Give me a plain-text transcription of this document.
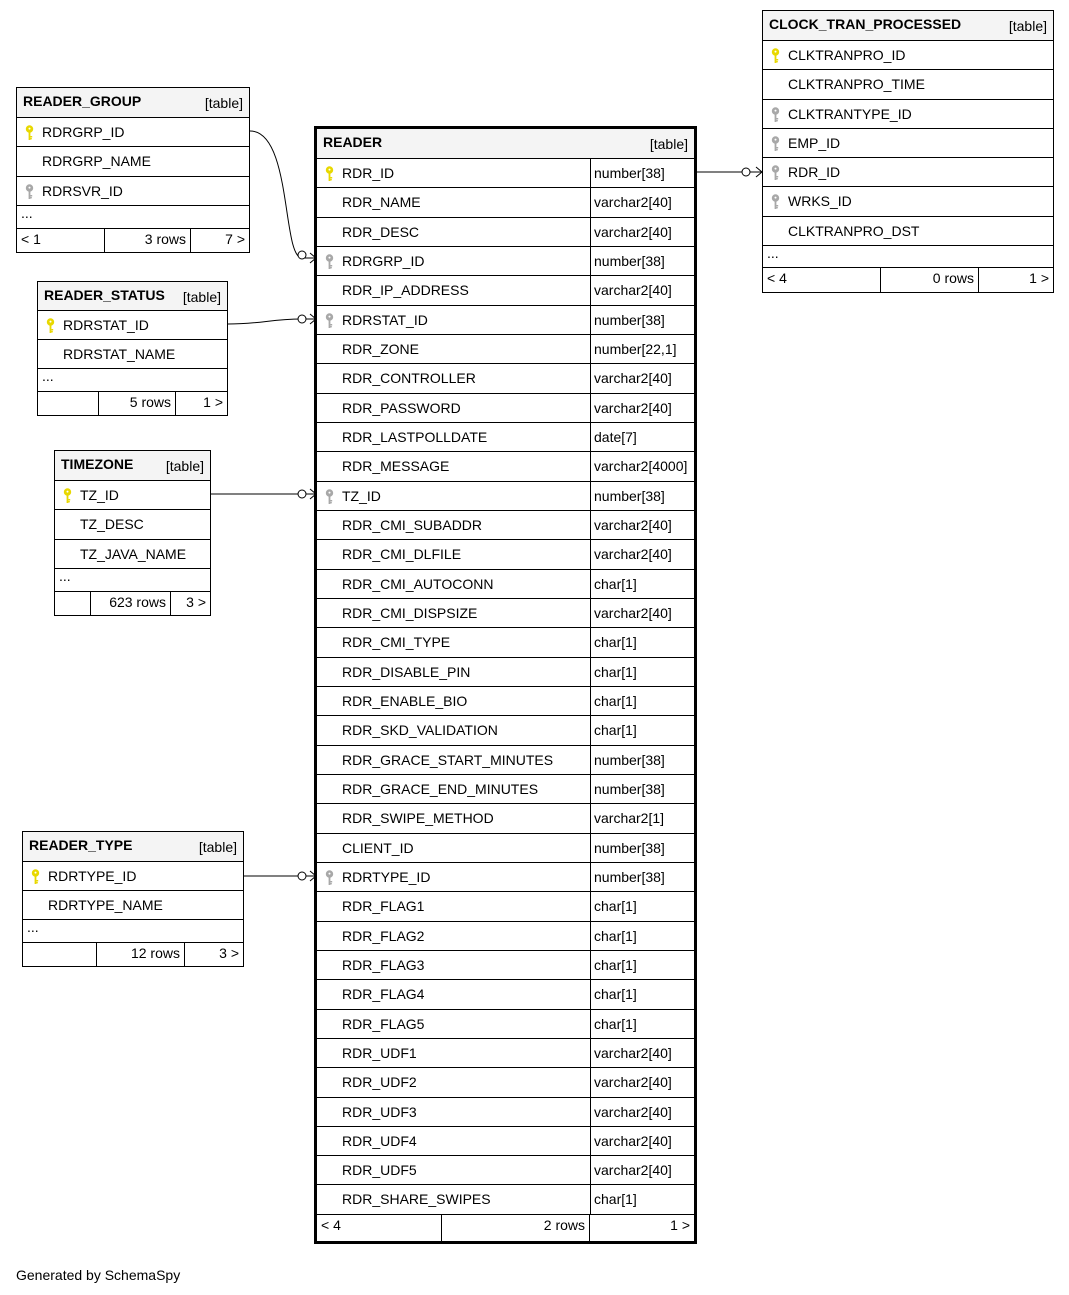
READER_GROUP	[table]
RDRGRP_ID
RDRGRP_NAME
RDRSVR_ID
...
< 1	3 rows	7 >
READER_STATUS [table]
RDRSTAT_ID
RDRSTAT_NAME
...
5 rows 1 >
TIMEZONE [table]
TZ_ID
TZ_DESC
TZ_JAVA_NAME
...
623 rows 3 >
READER_TYPE	[table]
RDRTYPE_ID
RDRTYPE_NAME
...
12 rows	3 >
CLOCK_TRAN_PROCESSED	[table]
CLKTRANPRO_ID
CLKTRANPRO_TIME
CLKTRANTYPE_ID
EMP_ID
RDR_ID
WRKS_ID
CLKTRANPRO_DST
...
< 4	0 rows	1 >
READER	[table]
RDR_ID	number[38]
RDR_NAME	varchar2[40]
RDR_DESC	varchar2[40]
RDRGRP_ID	number[38]
RDR_IP_ADDRESS	varchar2[40]
RDRSTAT_ID	number[38]
RDR_ZONE	number[22,1]
RDR_CONTROLLER	varchar2[40]
RDR_PASSWORD	varchar2[40]
RDR_LASTPOLLDATE	date[7]
RDR_MESSAGE	varchar2[4000]
TZ_ID	number[38]
RDR_CMI_SUBADDR	varchar2[40]
RDR_CMI_DLFILE	varchar2[40]
RDR_CMI_AUTOCONN	char[1]
RDR_CMI_DISPSIZE	varchar2[40]
RDR_CMI_TYPE	char[1]
RDR_DISABLE_PIN	char[1]
RDR_ENABLE_BIO	char[1]
RDR_SKD_VALIDATION	char[1]
RDR_GRACE_START_MINUTES	number[38]
RDR_GRACE_END_MINUTES	number[38]
RDR_SWIPE_METHOD	varchar2[1]
CLIENT_ID	number[38]
RDRTYPE_ID	number[38]
RDR_FLAG1	char[1]
RDR_FLAG2	char[1]
RDR_FLAG3	char[1]
RDR_FLAG4	char[1]
RDR_FLAG5	char[1]
RDR_UDF1	varchar2[40]
RDR_UDF2	varchar2[40]
RDR_UDF3	varchar2[40]
RDR_UDF4	varchar2[40]
RDR_UDF5	varchar2[40]
RDR_SHARE_SWIPES	char[1]
< 4	2 rows	1 >
Generated by SchemaSpy
